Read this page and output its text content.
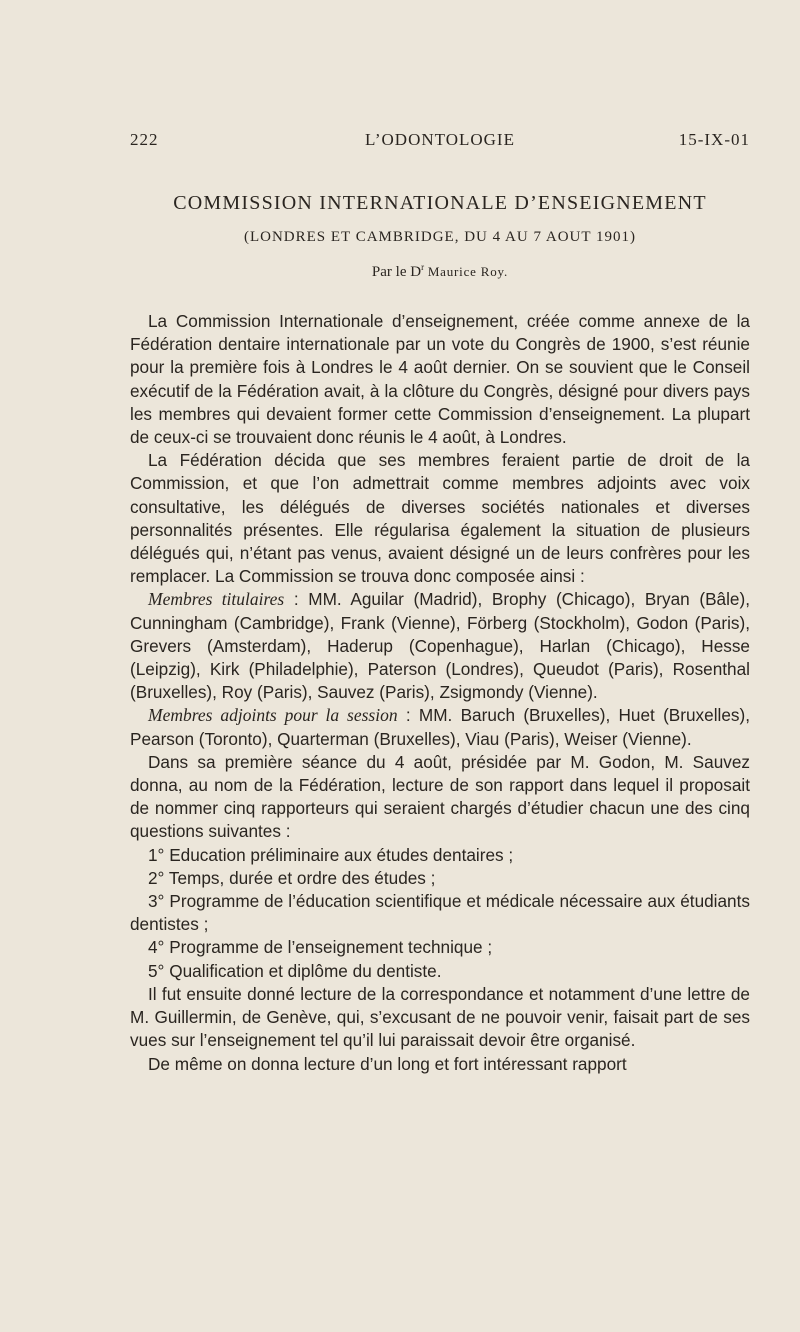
222	L’ODONTOLOGIE	15-IX-01
COMMISSION INTERNATIONALE D’ENSEIGNEMENT
(LONDRES ET CAMBRIDGE, DU 4 AU 7 AOUT 1901)
Par le $D^r$ Maurice Roy.

La Commission Internationale d’enseignement, créée comme annexe de la Fédération dentaire internationale par un vote du Congrès de 1900, s’est réunie pour la première fois à Londres le 4 août dernier. On se souvient que le Conseil exécutif de la Fédération avait, à la clôture du Congrès, désigné pour divers pays les membres qui devaient former cette Commission d’enseignement. La plupart de ceux-ci se trouvaient donc réunis le 4 août, à Londres.

La Fédération décida que ses membres feraient partie de droit de la Commission, et que l’on admettrait comme membres adjoints avec voix consultative, les délégués de diverses sociétés nationales et diverses personnalités présentes. Elle régularisa également la situation de plusieurs délégués qui, n’étant pas venus, avaient désigné un de leurs confrères pour les remplacer. La Commission se trouva donc composée ainsi :

Membres titulaires : MM. Aguilar (Madrid), Brophy (Chicago), Bryan (Bâle), Cunningham (Cambridge), Frank (Vienne), Förberg (Stockholm), Godon (Paris), Grevers (Amsterdam), Haderup (Copenhague), Harlan (Chicago), Hesse (Leipzig), Kirk (Philadelphie), Paterson (Londres), Queudot (Paris), Rosenthal (Bruxelles), Roy (Paris), Sauvez (Paris), Zsigmondy (Vienne).

Membres adjoints pour la session : MM. Baruch (Bruxelles), Huet (Bruxelles), Pearson (Toronto), Quarterman (Bruxelles), Viau (Paris), Weiser (Vienne).

Dans sa première séance du 4 août, présidée par M. Godon, M. Sauvez donna, au nom de la Fédération, lecture de son rapport dans lequel il proposait de nommer cinq rapporteurs qui seraient chargés d’étudier chacun une des cinq questions suivantes :

1° Education préliminaire aux études dentaires ;

2° Temps, durée et ordre des études ;

3° Programme de l’éducation scientifique et médicale nécessaire aux étudiants dentistes ;

4° Programme de l’enseignement technique ;

5° Qualification et diplôme du dentiste.

Il fut ensuite donné lecture de la correspondance et notamment d’une lettre de M. Guillermin, de Genève, qui, s’excusant de ne pouvoir venir, faisait part de ses vues sur l’enseignement tel qu’il lui paraissait devoir être organisé.

De même on donna lecture d’un long et fort intéressant rapport
